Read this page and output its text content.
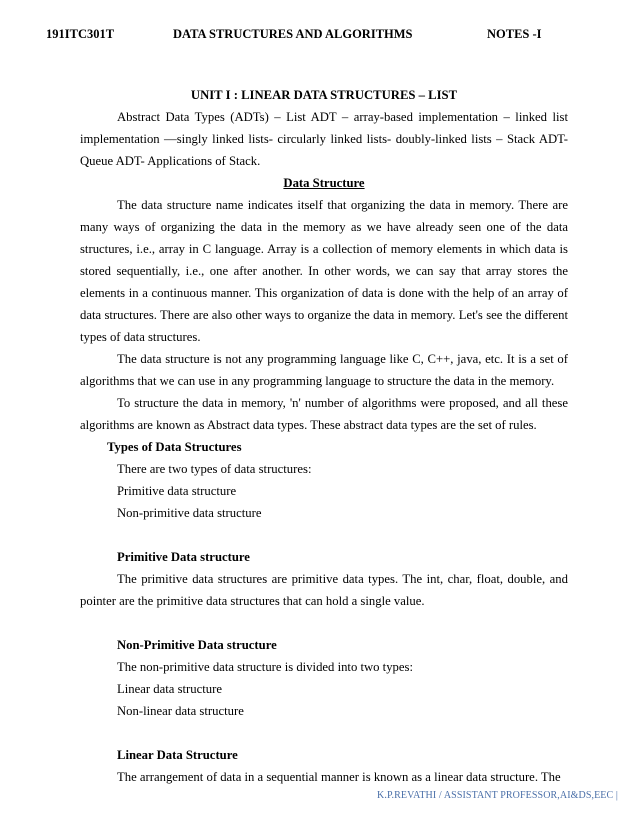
191ITC301T	DATA STRUCTURES AND ALGORITHMS	NOTES -I

UNIT I : LINEAR DATA STRUCTURES – LIST

Abstract Data Types (ADTs) – List ADT – array-based implementation – linked list implementation —singly linked lists- circularly linked lists- doubly-linked lists – Stack ADT- Queue ADT- Applications of Stack.

Data Structure

The data structure name indicates itself that organizing the data in memory. There are many ways of organizing the data in the memory as we have already seen one of the data structures, i.e., array in C language. Array is a collection of memory elements in which data is stored sequentially, i.e., one after another. In other words, we can say that array stores the elements in a continuous manner. This organization of data is done with the help of an array of data structures. There are also other ways to organize the data in memory. Let's see the different types of data structures.

The data structure is not any programming language like C, C++, java, etc. It is a set of algorithms that we can use in any programming language to structure the data in the memory.

To structure the data in memory, 'n' number of algorithms were proposed, and all these algorithms are known as Abstract data types. These abstract data types are the set of rules.

Types of Data Structures

There are two types of data structures:

Primitive data structure

Non-primitive data structure

Primitive Data structure

The primitive data structures are primitive data types. The int, char, float, double, and pointer are the primitive data structures that can hold a single value.

Non-Primitive Data structure

The non-primitive data structure is divided into two types:

Linear data structure

Non-linear data structure

Linear Data Structure

The arrangement of data in a sequential manner is known as a linear data structure. The

K.P.REVATHI / ASSISTANT PROFESSOR,AI&DS,EEC |
